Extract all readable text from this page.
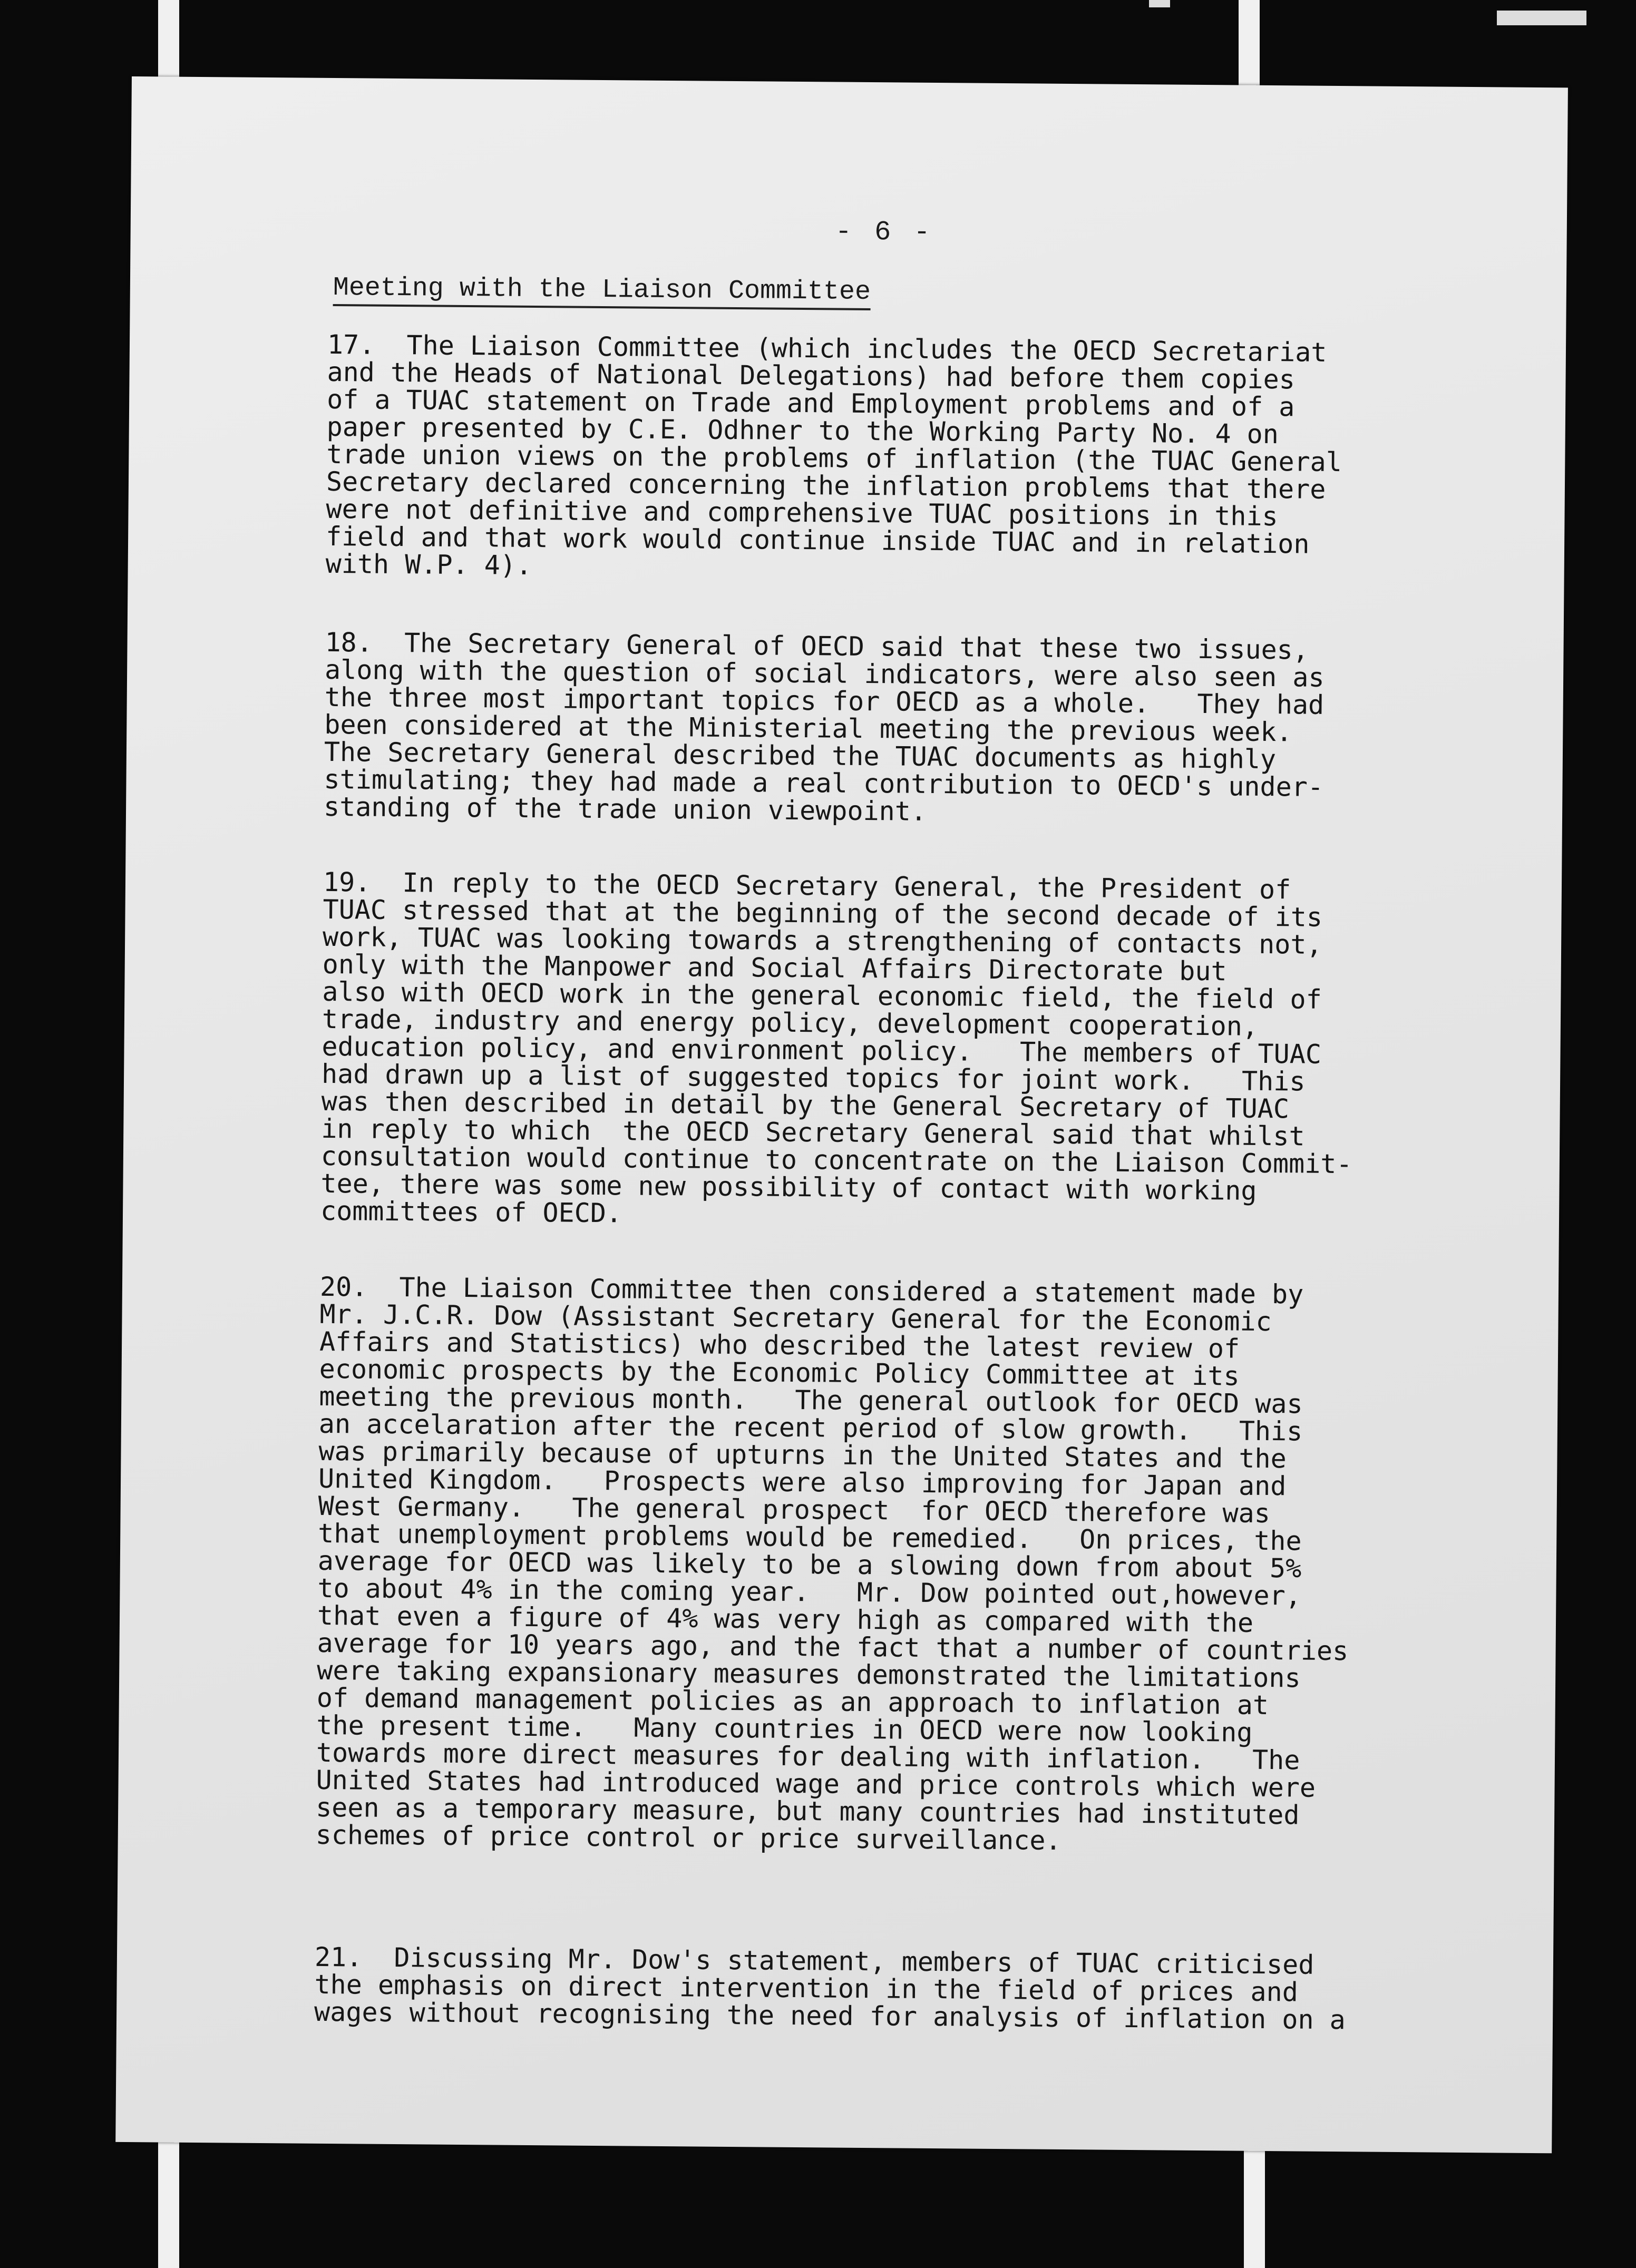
- 6 -
Meeting with the Liaison Committee
17.  The Liaison Committee (which includes the OECD Secretariat
and the Heads of National Delegations) had before them copies
of a TUAC statement on Trade and Employment problems and of a
paper presented by C.E. Odhner to the Working Party No. 4 on
trade union views on the problems of inflation (the TUAC General
Secretary declared concerning the inflation problems that there
were not definitive and comprehensive TUAC positions in this
field and that work would continue inside TUAC and in relation
with W.P. 4).
18.  The Secretary General of OECD said that these two issues,
along with the question of social indicators, were also seen as
the three most important topics for OECD as a whole.   They had
been considered at the Ministerial meeting the previous week.
The Secretary General described the TUAC documents as highly
stimulating; they had made a real contribution to OECD's under-
standing of the trade union viewpoint.
19.  In reply to the OECD Secretary General, the President of
TUAC stressed that at the beginning of the second decade of its
work, TUAC was looking towards a strengthening of contacts not,
only with the Manpower and Social Affairs Directorate but
also with OECD work in the general economic field, the field of
trade, industry and energy policy, development cooperation,
education policy, and environment policy.   The members of TUAC
had drawn up a list of suggested topics for joint work.   This
was then described in detail by the General Secretary of TUAC
in reply to which  the OECD Secretary General said that whilst
consultation would continue to concentrate on the Liaison Commit-
tee, there was some new possibility of contact with working
committees of OECD.
20.  The Liaison Committee then considered a statement made by
Mr. J.C.R. Dow (Assistant Secretary General for the Economic
Affairs and Statistics) who described the latest review of
economic prospects by the Economic Policy Committee at its
meeting the previous month.   The general outlook for OECD was
an accelaration after the recent period of slow growth.   This
was primarily because of upturns in the United States and the
United Kingdom.   Prospects were also improving for Japan and
West Germany.   The general prospect  for OECD therefore was
that unemployment problems would be remedied.   On prices, the
average for OECD was likely to be a slowing down from about 5%
to about 4% in the coming year.   Mr. Dow pointed out,however,
that even a figure of 4% was very high as compared with the
average for 10 years ago, and the fact that a number of countries
were taking expansionary measures demonstrated the limitations
of demand management policies as an approach to inflation at
the present time.   Many countries in OECD were now looking
towards more direct measures for dealing with inflation.   The
United States had introduced wage and price controls which were
seen as a temporary measure, but many countries had instituted
schemes of price control or price surveillance.
21.  Discussing Mr. Dow's statement, members of TUAC criticised
the emphasis on direct intervention in the field of prices and
wages without recognising the need for analysis of inflation on a
